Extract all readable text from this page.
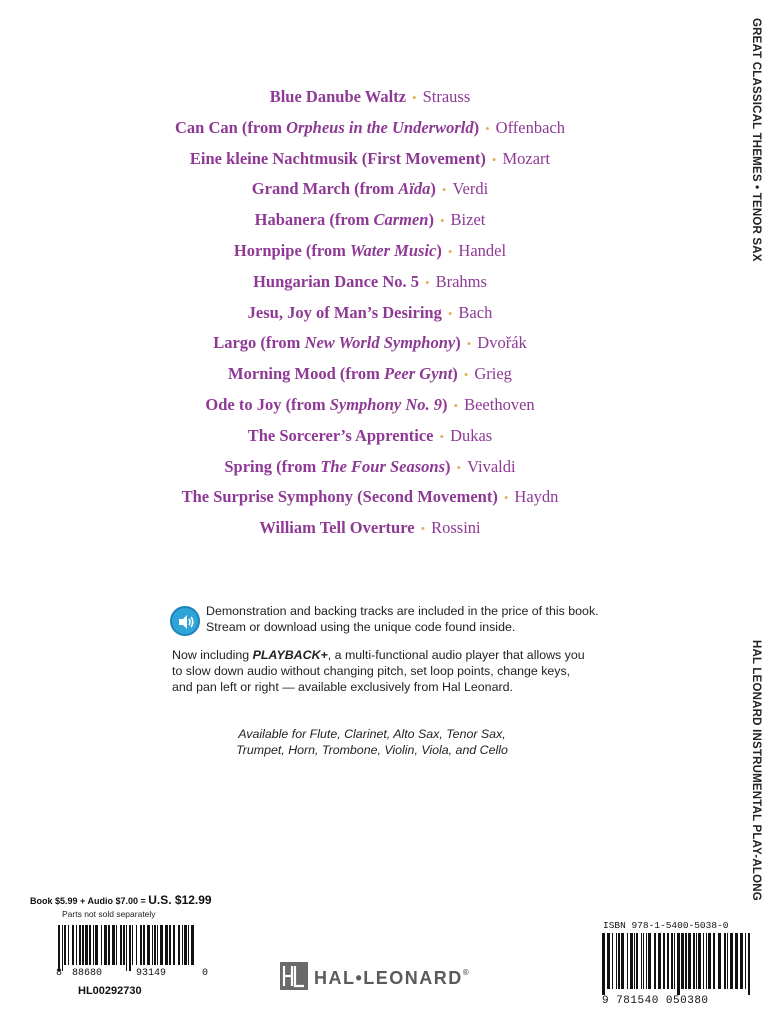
Blue Danube Waltz • Strauss
Can Can (from Orpheus in the Underworld) • Offenbach
Eine kleine Nachtmusik (First Movement) • Mozart
Grand March (from Aïda) • Verdi
Habanera (from Carmen) • Bizet
Hornpipe (from Water Music) • Handel
Hungarian Dance No. 5 • Brahms
Jesu, Joy of Man’s Desiring • Bach
Largo (from New World Symphony) • Dvořák
Morning Mood (from Peer Gynt) • Grieg
Ode to Joy (from Symphony No. 9) • Beethoven
The Sorcerer’s Apprentice • Dukas
Spring (from The Four Seasons) • Vivaldi
The Surprise Symphony (Second Movement) • Haydn
William Tell Overture • Rossini
GREAT CLASSICAL THEMES • TENOR SAX
HAL LEONARD INSTRUMENTAL PLAY-ALONG
Demonstration and backing tracks are included in the price of this book.
Stream or download using the unique code found inside.
Now including PLAYBACK+, a multi-functional audio player that allows you
to slow down audio without changing pitch, set loop points, change keys,
and pan left or right — available exclusively from Hal Leonard.
Available for Flute, Clarinet, Alto Sax, Tenor Sax,
Trumpet, Horn, Trombone, Violin, Viola, and Cello
Book $5.99 + Audio $7.00 = U.S. $12.99
Parts not sold separately
8 88680	93149	0
HL00292730
HAL•LEONARD®
ISBN 978-1-5400-5038-0
9 781540 050380
